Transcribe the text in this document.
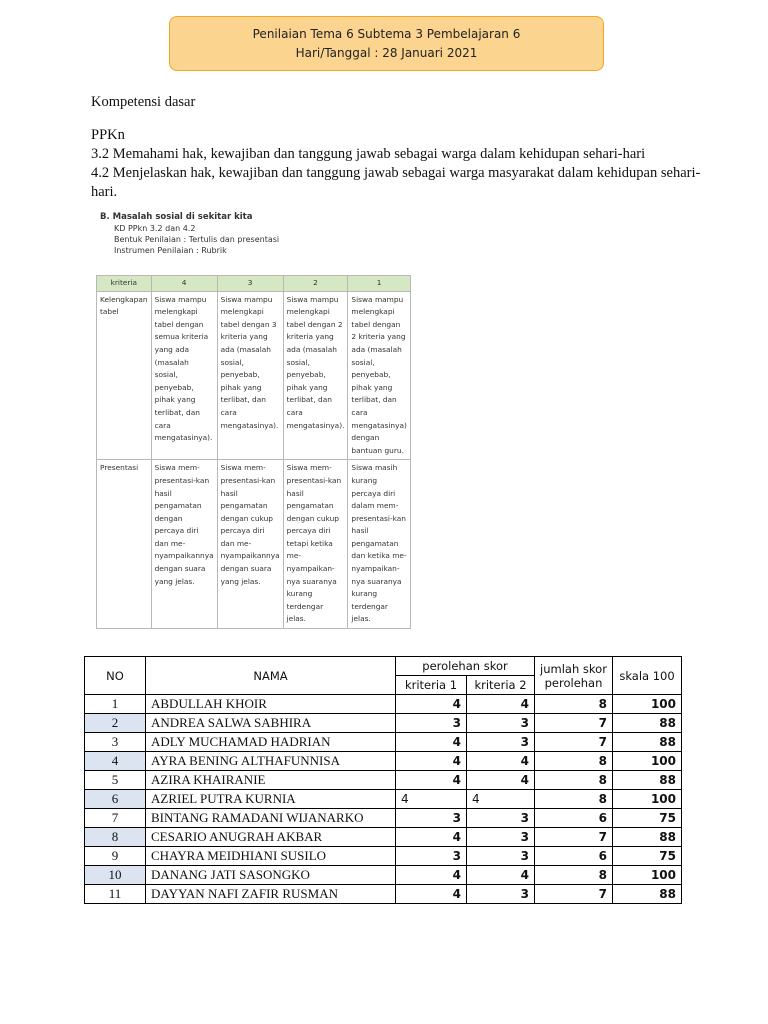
Penilaian Tema 6 Subtema 3 Pembelajaran 6
Hari/Tanggal : 28 Januari 2021

Kompetensi dasar

PPKn

3.2 Memahami hak, kewajiban dan tanggung jawab sebagai warga dalam kehidupan sehari-hari

4.2 Menjelaskan hak, kewajiban dan tanggung jawab sebagai warga masyarakat dalam kehidupan sehari-hari.

B. Masalah sosial di sekitar kita
KD PPkn 3.2 dan 4.2
Bentuk Penilaian : Tertulis dan presentasi
Instrumen Penilaian : Rubrik
kriteria	4	3	2	1
Kelengkapan tabel	Siswa mampu melengkapi tabel dengan semua kriteria yang ada (masalah sosial, penyebab, pihak yang terlibat, dan cara mengatasinya).	Siswa mampu melengkapi tabel dengan 3 kriteria yang ada (masalah sosial, penyebab, pihak yang terlibat, dan cara mengatasinya).	Siswa mampu melengkapi tabel dengan 2 kriteria yang ada (masalah sosial, penyebab, pihak yang terlibat, dan cara mengatasinya).	Siswa mampu melengkapi tabel dengan 2 kriteria yang ada (masalah sosial, penyebab, pihak yang terlibat, dan cara mengatasinya) dengan bantuan guru.
Presentasi	Siswa mem-presentasi-kan hasil pengamatan dengan percaya diri dan me-nyampaikannya dengan suara yang jelas.	Siswa mem-presentasi-kan hasil pengamatan dengan cukup percaya diri dan me-nyampaikannya dengan suara yang jelas.	Siswa mem-presentasi-kan hasil pengamatan dengan cukup percaya diri tetapi ketika me-nyampaikan-nya suaranya kurang terdengar jelas.	Siswa masih kurang percaya diri dalam mem-presentasi-kan hasil pengamatan dan ketika me-nyampaikan-nya suaranya kurang terdengar jelas.
NO	NAMA	perolehan skor		jumlah skor perolehan	skala 100
		kriteria 1	kriteria 2		
1	ABDULLAH KHOIR	4	4	8	100
2	ANDREA SALWA SABHIRA	3	3	7	88
3	ADLY MUCHAMAD HADRIAN	4	3	7	88
4	AYRA BENING ALTHAFUNNISA	4	4	8	100
5	AZIRA KHAIRANIE	4	4	8	88
6	AZRIEL PUTRA KURNIA	4	4	8	100
7	BINTANG RAMADANI WIJANARKO	3	3	6	75
8	CESARIO ANUGRAH AKBAR	4	3	7	88
9	CHAYRA MEIDHIANI SUSILO	3	3	6	75
10	DANANG JATI SASONGKO	4	4	8	100
11	DAYYAN NAFI ZAFIR RUSMAN	4	3	7	88
